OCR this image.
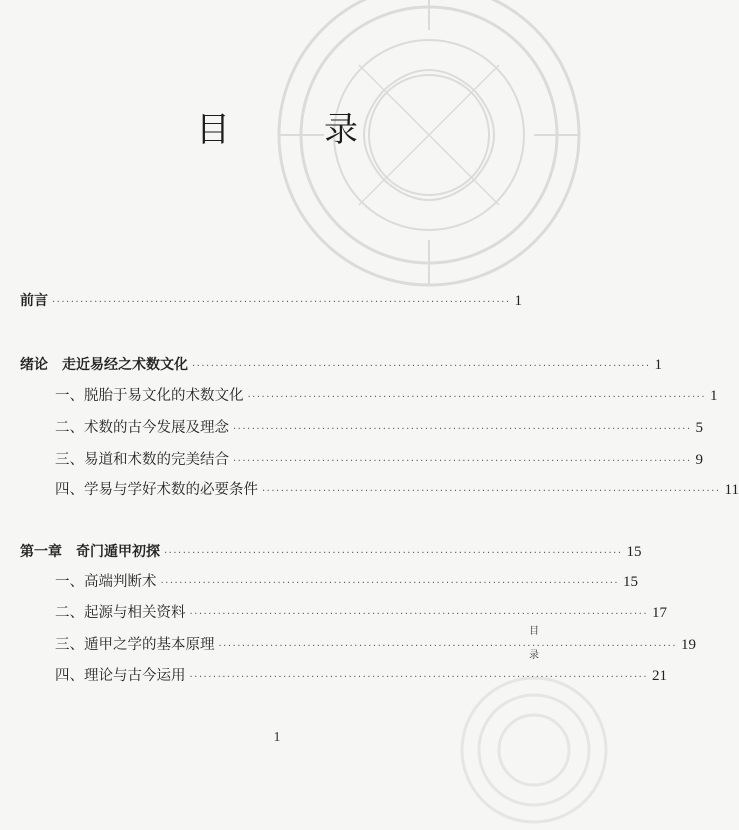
目　录
前言 ·································································································· 1
绪论 走近易经之术数文化 ·································································································· 1
一、脱胎于易文化的术数文化 ·································································································· 1
二、术数的古今发展及理念 ·································································································· 5
三、易道和术数的完美结合 ·································································································· 9
四、学易与学好术数的必要条件 ·································································································· 11
第一章 奇门遁甲初探 ·································································································· 15
一、高端判断术 ·································································································· 15
二、起源与相关资料 ·································································································· 17
三、遁甲之学的基本原理 ·································································································· 19
四、理论与古今运用 ·································································································· 21
目录
1
